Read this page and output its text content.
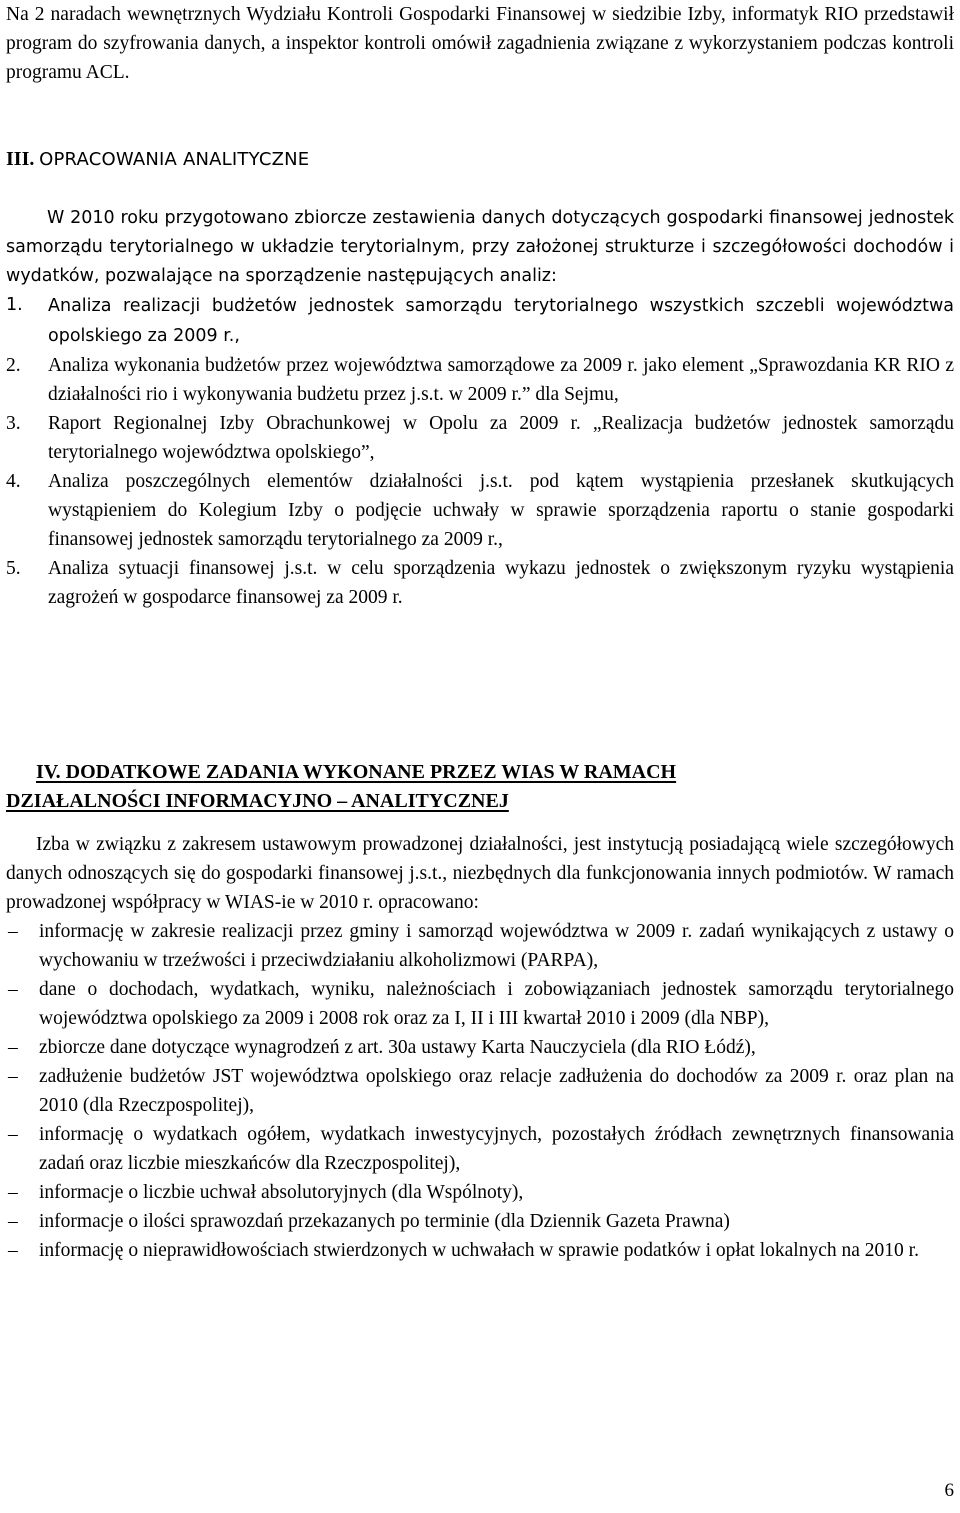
Na 2 naradach wewnętrznych Wydziału Kontroli Gospodarki Finansowej w siedzibie Izby, informatyk RIO przedstawił program do szyfrowania danych, a inspektor kontroli omówił zagadnienia związane z wykorzystaniem podczas kontroli programu ACL.

III. OPRACOWANIA ANALITYCZNE

W 2010 roku przygotowano zbiorcze zestawienia danych dotyczących gospodarki finansowej jednostek samorządu terytorialnego w układzie terytorialnym, przy założonej strukturze i szczegółowości dochodów i wydatków, pozwalające na sporządzenie następujących analiz:

1. Analiza realizacji budżetów jednostek samorządu terytorialnego wszystkich szczebli województwa opolskiego za 2009 r.,
2. Analiza wykonania budżetów przez województwa samorządowe za 2009 r. jako element „Sprawozdania KR RIO z działalności rio i wykonywania budżetu przez j.s.t. w 2009 r.” dla Sejmu,
3. Raport Regionalnej Izby Obrachunkowej w Opolu za 2009 r. „Realizacja budżetów jednostek samorządu terytorialnego województwa opolskiego”,
4. Analiza poszczególnych elementów działalności j.s.t. pod kątem wystąpienia przesłanek skutkujących wystąpieniem do Kolegium Izby o podjęcie uchwały w sprawie sporządzenia raportu o stanie gospodarki finansowej jednostek samorządu terytorialnego za 2009 r.,
5. Analiza sytuacji finansowej j.s.t. w celu sporządzenia wykazu jednostek o zwiększonym ryzyku wystąpienia zagrożeń w gospodarce finansowej za 2009 r.
IV. DODATKOWE ZADANIA WYKONANE PRZEZ WIAS W RAMACH
DZIAŁALNOŚCI INFORMACYJNO – ANALITYCZNEJ

Izba w związku z zakresem ustawowym prowadzonej działalności, jest instytucją posiadającą wiele szczegółowych danych odnoszących się do gospodarki finansowej j.s.t., niezbędnych dla funkcjonowania innych podmiotów. W ramach prowadzonej współpracy w WIAS-ie w 2010 r. opracowano:

–	informację w zakresie realizacji przez gminy i samorząd województwa w 2009 r. zadań wynikających z ustawy o wychowaniu w trzeźwości i przeciwdziałaniu alkoholizmowi (PARPA),
–	dane o dochodach, wydatkach, wyniku, należnościach i zobowiązaniach jednostek samorządu terytorialnego województwa opolskiego za 2009 i 2008 rok oraz za I, II i III kwartał 2010 i 2009 (dla NBP),
–	zbiorcze dane dotyczące wynagrodzeń z art. 30a ustawy Karta Nauczyciela (dla RIO Łódź),
–	zadłużenie budżetów JST województwa opolskiego oraz relacje zadłużenia do dochodów za 2009 r. oraz plan na 2010 (dla Rzeczpospolitej),
–	informację o wydatkach ogółem, wydatkach inwestycyjnych, pozostałych źródłach zewnętrznych finansowania zadań oraz liczbie mieszkańców dla Rzeczpospolitej),
–	informacje o liczbie uchwał absolutoryjnych (dla Wspólnoty),
–	informacje o ilości sprawozdań przekazanych po terminie (dla Dziennik Gazeta Prawna)
–	informację o nieprawidłowościach stwierdzonych w uchwałach w sprawie podatków i opłat lokalnych na 2010 r.
6
